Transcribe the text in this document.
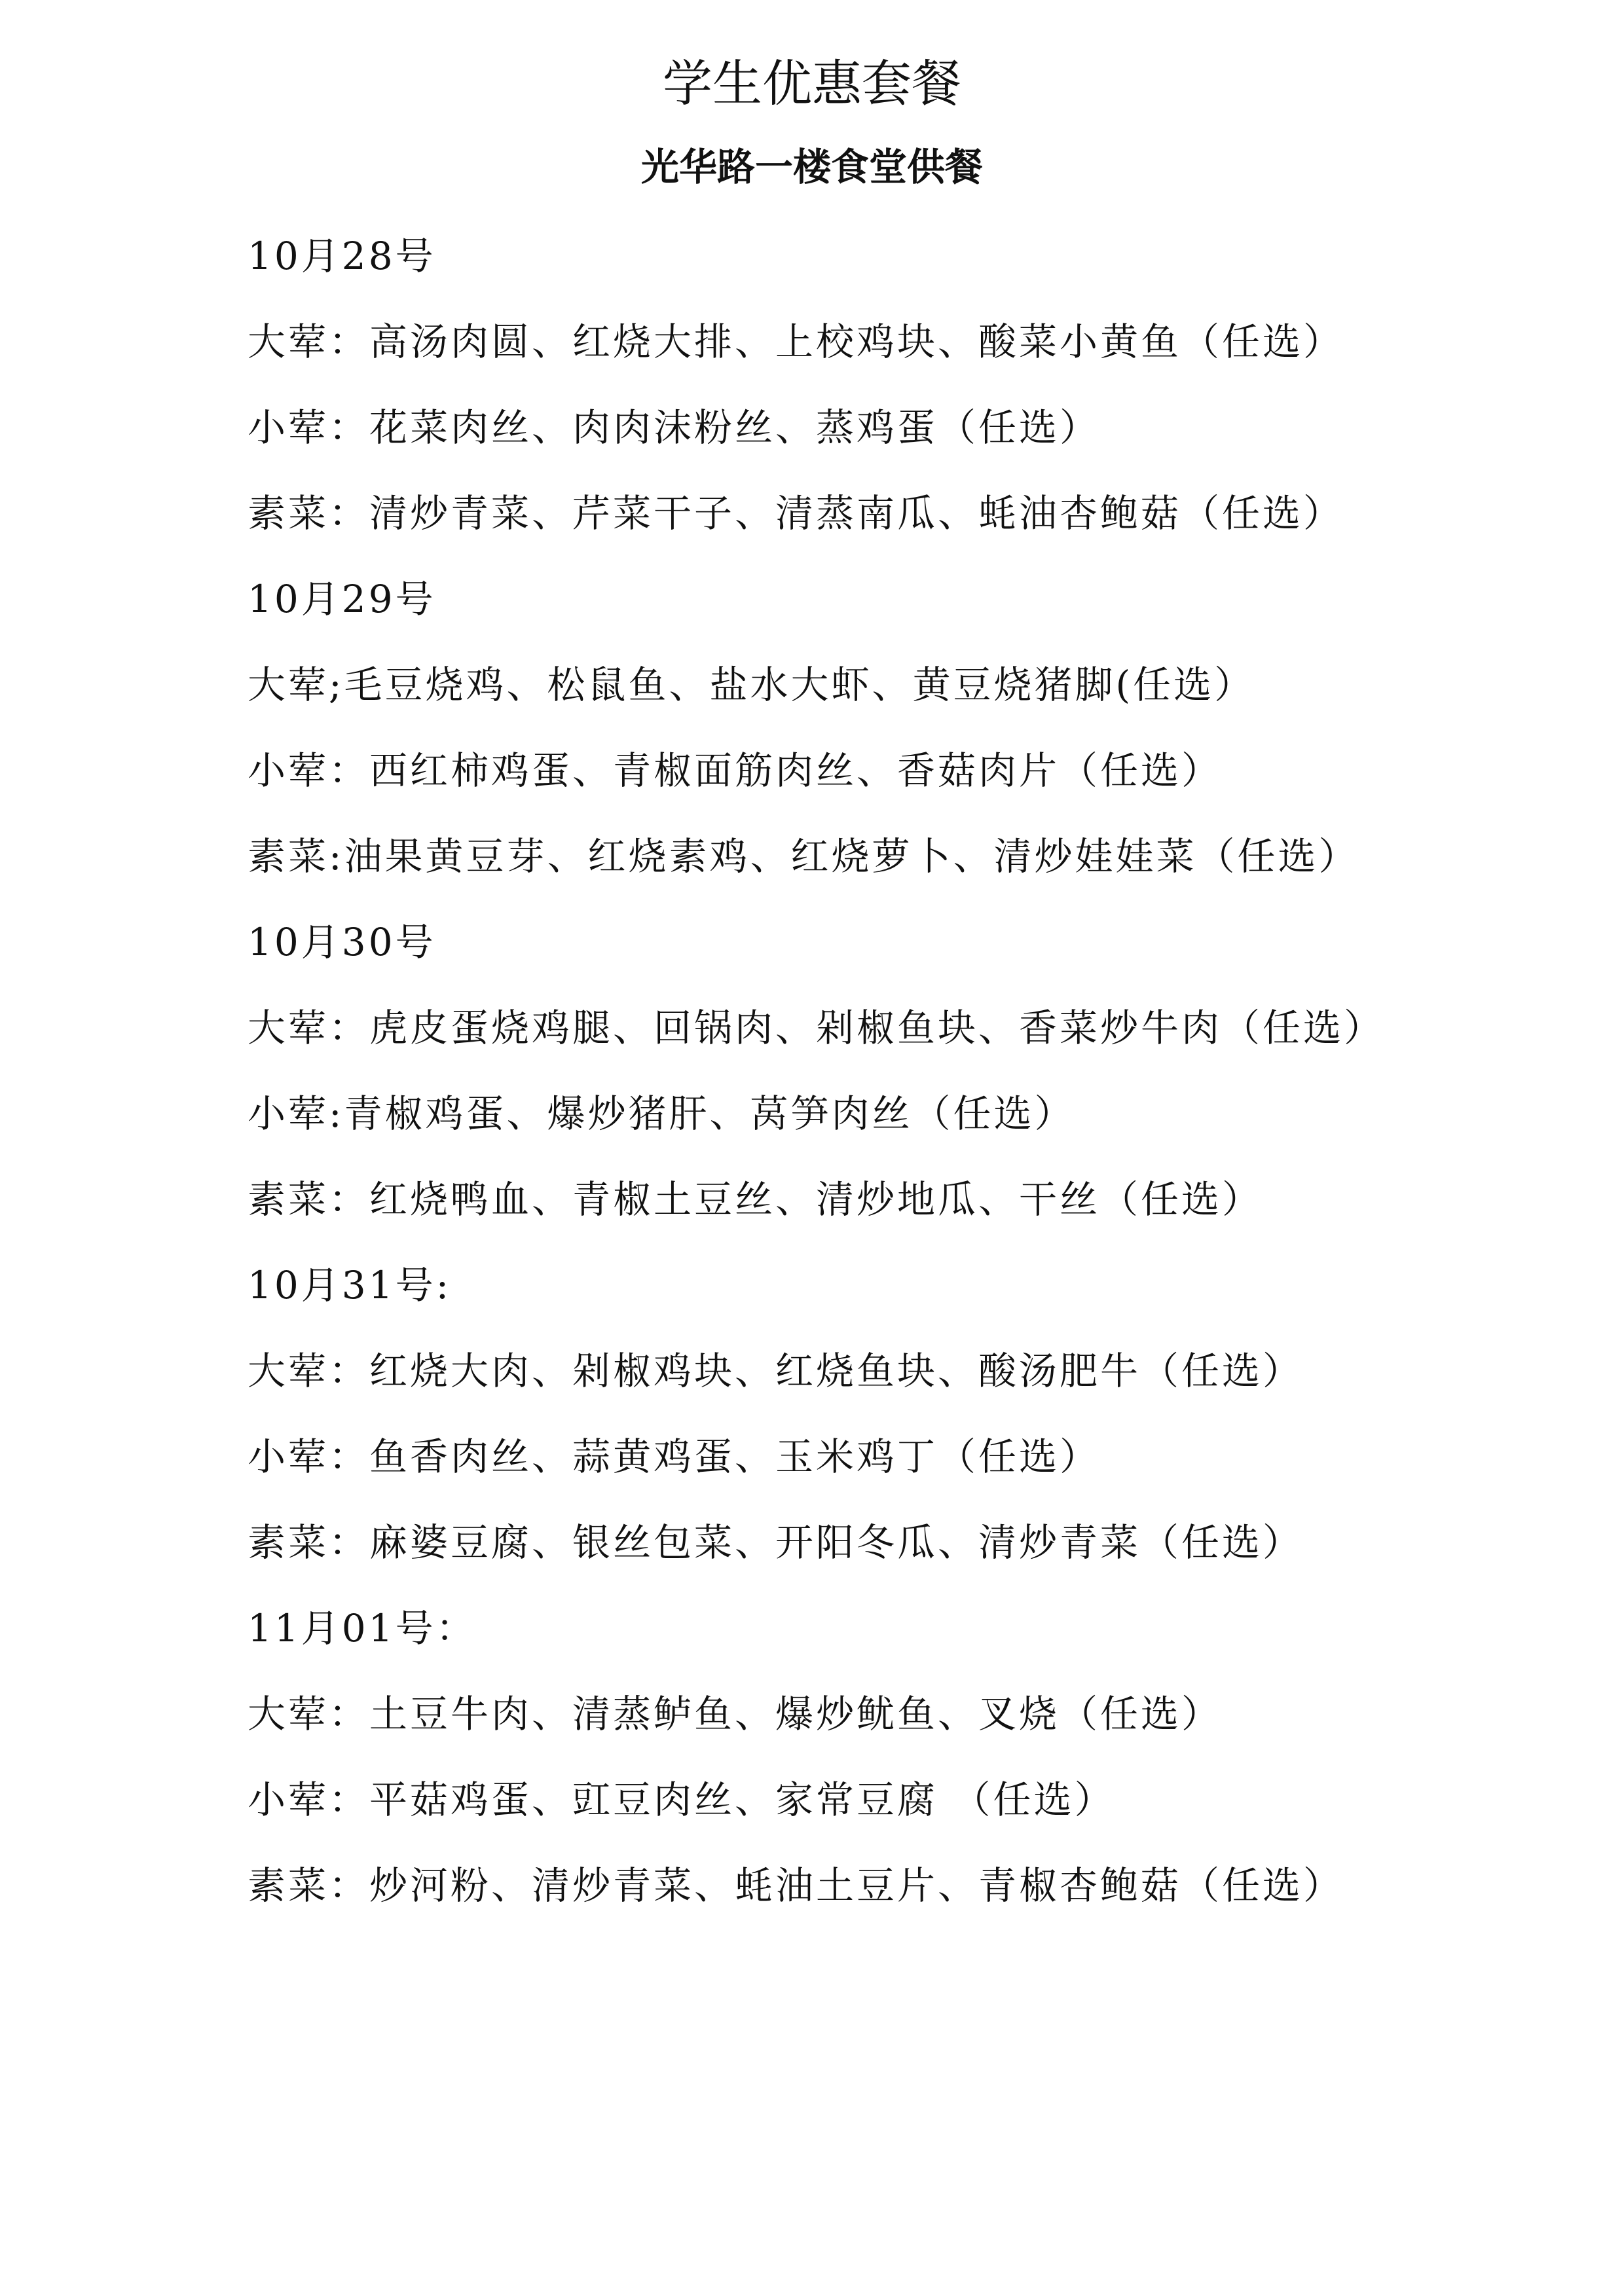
学生优惠套餐
光华路一楼食堂供餐
10月28号
大荤：高汤肉圆、红烧大排、上校鸡块、酸菜小黄鱼（任选）
小荤：花菜肉丝、肉肉沫粉丝、蒸鸡蛋（任选）
素菜：清炒青菜、芹菜干子、清蒸南瓜、蚝油杏鲍菇（任选）
10月29号
大荤;毛豆烧鸡、松鼠鱼、盐水大虾、黄豆烧猪脚(任选）
小荤：西红柿鸡蛋、青椒面筋肉丝、香菇肉片（任选）
素菜:油果黄豆芽、红烧素鸡、红烧萝卜、清炒娃娃菜（任选）
10月30号
大荤：虎皮蛋烧鸡腿、回锅肉、剁椒鱼块、香菜炒牛肉（任选）
小荤:青椒鸡蛋、爆炒猪肝、莴笋肉丝（任选）
素菜：红烧鸭血、青椒土豆丝、清炒地瓜、干丝（任选）
10月31号:
大荤：红烧大肉、剁椒鸡块、红烧鱼块、酸汤肥牛（任选）
小荤：鱼香肉丝、蒜黄鸡蛋、玉米鸡丁（任选）
素菜：麻婆豆腐、银丝包菜、开阳冬瓜、清炒青菜（任选）
11月01号：
大荤：土豆牛肉、清蒸鲈鱼、爆炒鱿鱼、叉烧（任选）
小荤：平菇鸡蛋、豇豆肉丝、家常豆腐 （任选）
素菜：炒河粉、清炒青菜、蚝油土豆片、青椒杏鲍菇（任选）
